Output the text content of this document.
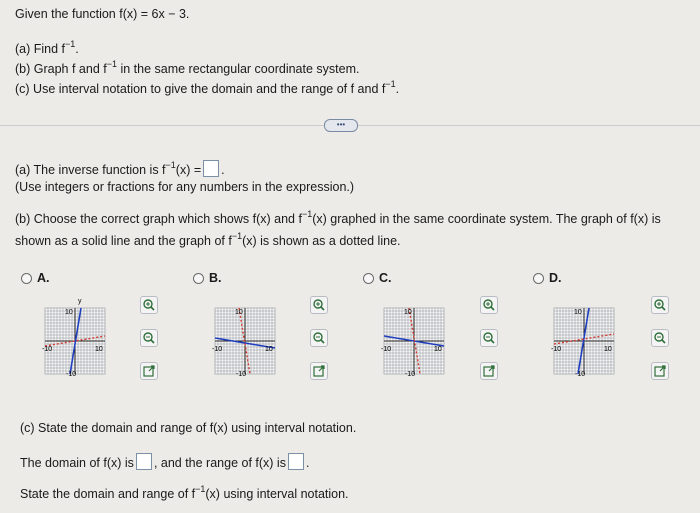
Given the function f(x) = 6x − 3.
(a) Find $f^{-1}$.
(b) Graph f and $f^{-1}$ in the same rectangular coordinate system.
(c) Use interval notation to give the domain and the range of f and $f^{-1}$.
•••
(a) The inverse function is $f^{-1}(x)$ = .
(Use integers or fractions for any numbers in the expression.)
(b) Choose the correct graph which shows f(x) and $f^{-1}(x)$ graphed in the same coordinate system. The graph of f(x) is
shown as a solid line and the graph of $f^{-1}(x)$ is shown as a dotted line.
A.	B.	C.	D.
10
y
-10	10
-10
10
-10	10
-10
10
-10	10
-10
10
-10	10
-10
(c) State the domain and range of f(x) using interval notation.
The domain of f(x) is , and the range of f(x) is .
State the domain and range of $f^{-1}(x)$ using interval notation.
